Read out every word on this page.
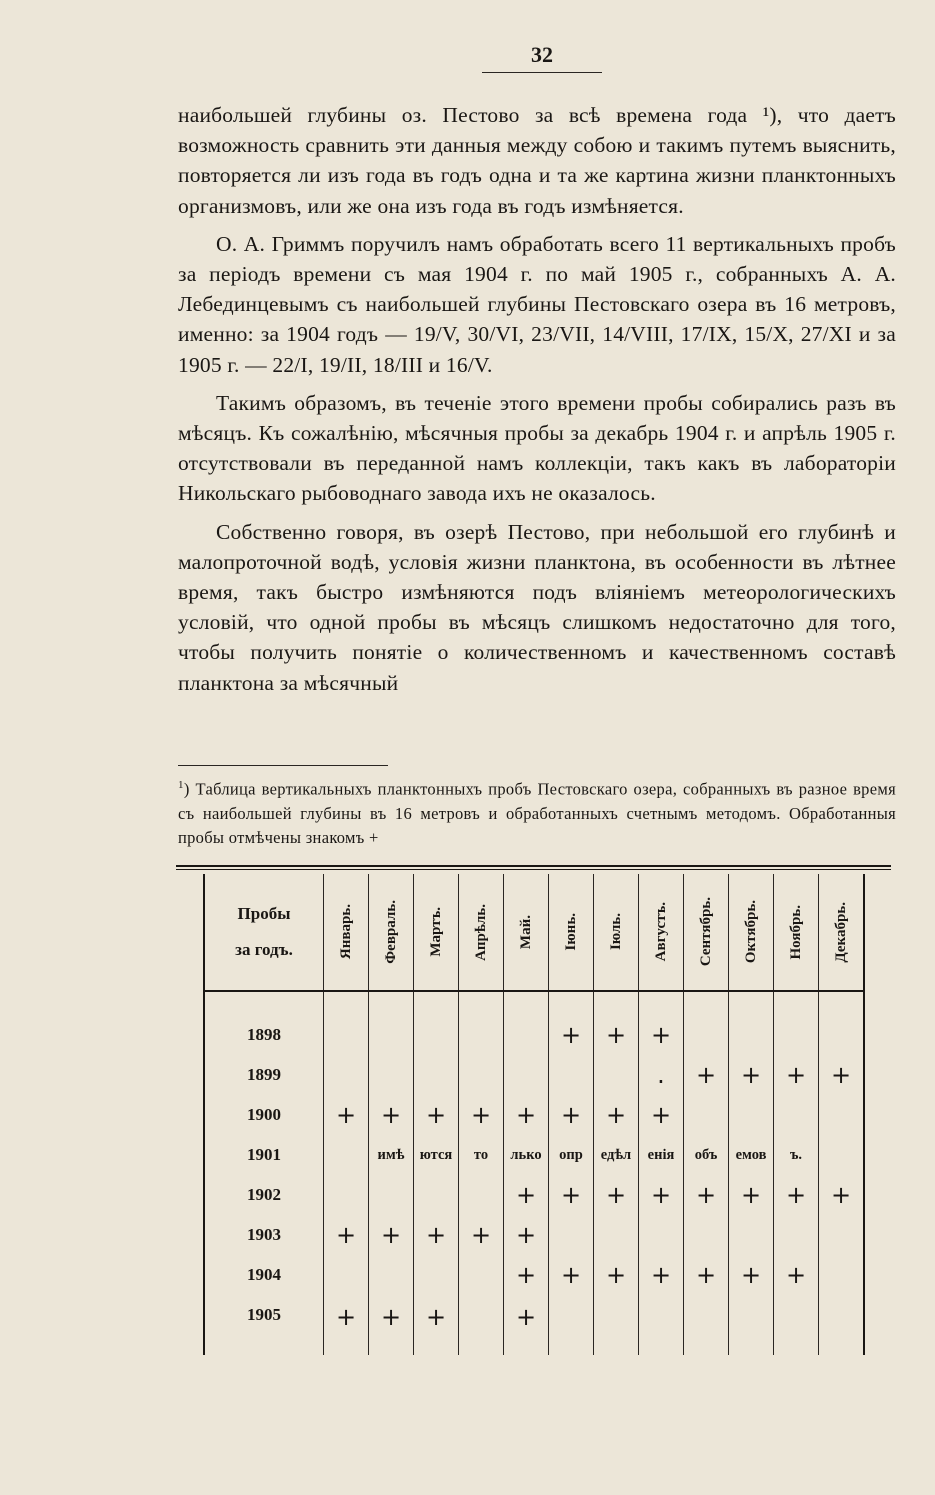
32

наибольшей глубины оз. Пестово за всѣ времена года ¹), что даетъ возможность сравнить эти данныя между собою и такимъ путемъ выяснить, повторяется ли изъ года въ годъ одна и та же картина жизни планктонныхъ организмовъ, или же она изъ года въ годъ измѣняется.

О. А. Гриммъ поручилъ намъ обработать всего 11 вертикальныхъ пробъ за періодъ времени съ мая 1904 г. по май 1905 г., собранныхъ А. А. Лебединцевымъ съ наибольшей глубины Пестовскаго озера въ 16 метровъ, именно: за 1904 годъ — 19/V, 30/VI, 23/VII, 14/VIII, 17/IX, 15/X, 27/XI и за 1905 г. — 22/I, 19/II, 18/III и 16/V.

Такимъ образомъ, въ теченіе этого времени пробы собирались разъ въ мѣсяцъ. Къ сожалѣнію, мѣсячныя пробы за декабрь 1904 г. и апрѣль 1905 г. отсутствовали въ переданной намъ коллекціи, такъ какъ въ лабораторіи Никольскаго рыбоводнаго завода ихъ не оказалось.

Собственно говоря, въ озерѣ Пестово, при небольшой его глубинѣ и малопроточной водѣ, условія жизни планктона, въ особенности въ лѣтнее время, такъ быстро измѣняются подъ вліяніемъ метеорологическихъ условій, что одной пробы въ мѣсяцъ слишкомъ недостаточно для того, чтобы получить понятіе о количественномъ и качественномъ составѣ планктона за мѣсячный

$^1$) Таблица вертикальныхъ планктонныхъ пробъ Пестовскаго озера, собранныхъ въ разное время съ наибольшей глубины въ 16 метровъ и обработанныхъ счетнымъ методомъ. Обработанныя пробы отмѣчены знакомъ +

Пробы
за годъ.	Январь.	Февраль.	Мартъ.	Апрѣль.	Май.	Іюнь.	Іюль.	Августъ.	Сентябрь.	Октябрь.	Ноябрь.	Декабрь.

1898						+	+	+				
1899								.	+	+	+	+
1900	+	+	+	+	+	+	+	+				
1901		имѣ	ются	то	лько	опр	едѣл	енія	объ	емов	ъ.	
1902					+	+	+	+	+	+	+	+
1903	+	+	+	+	+							
1904					+	+	+	+	+	+	+	
1905	+	+	+		+							
